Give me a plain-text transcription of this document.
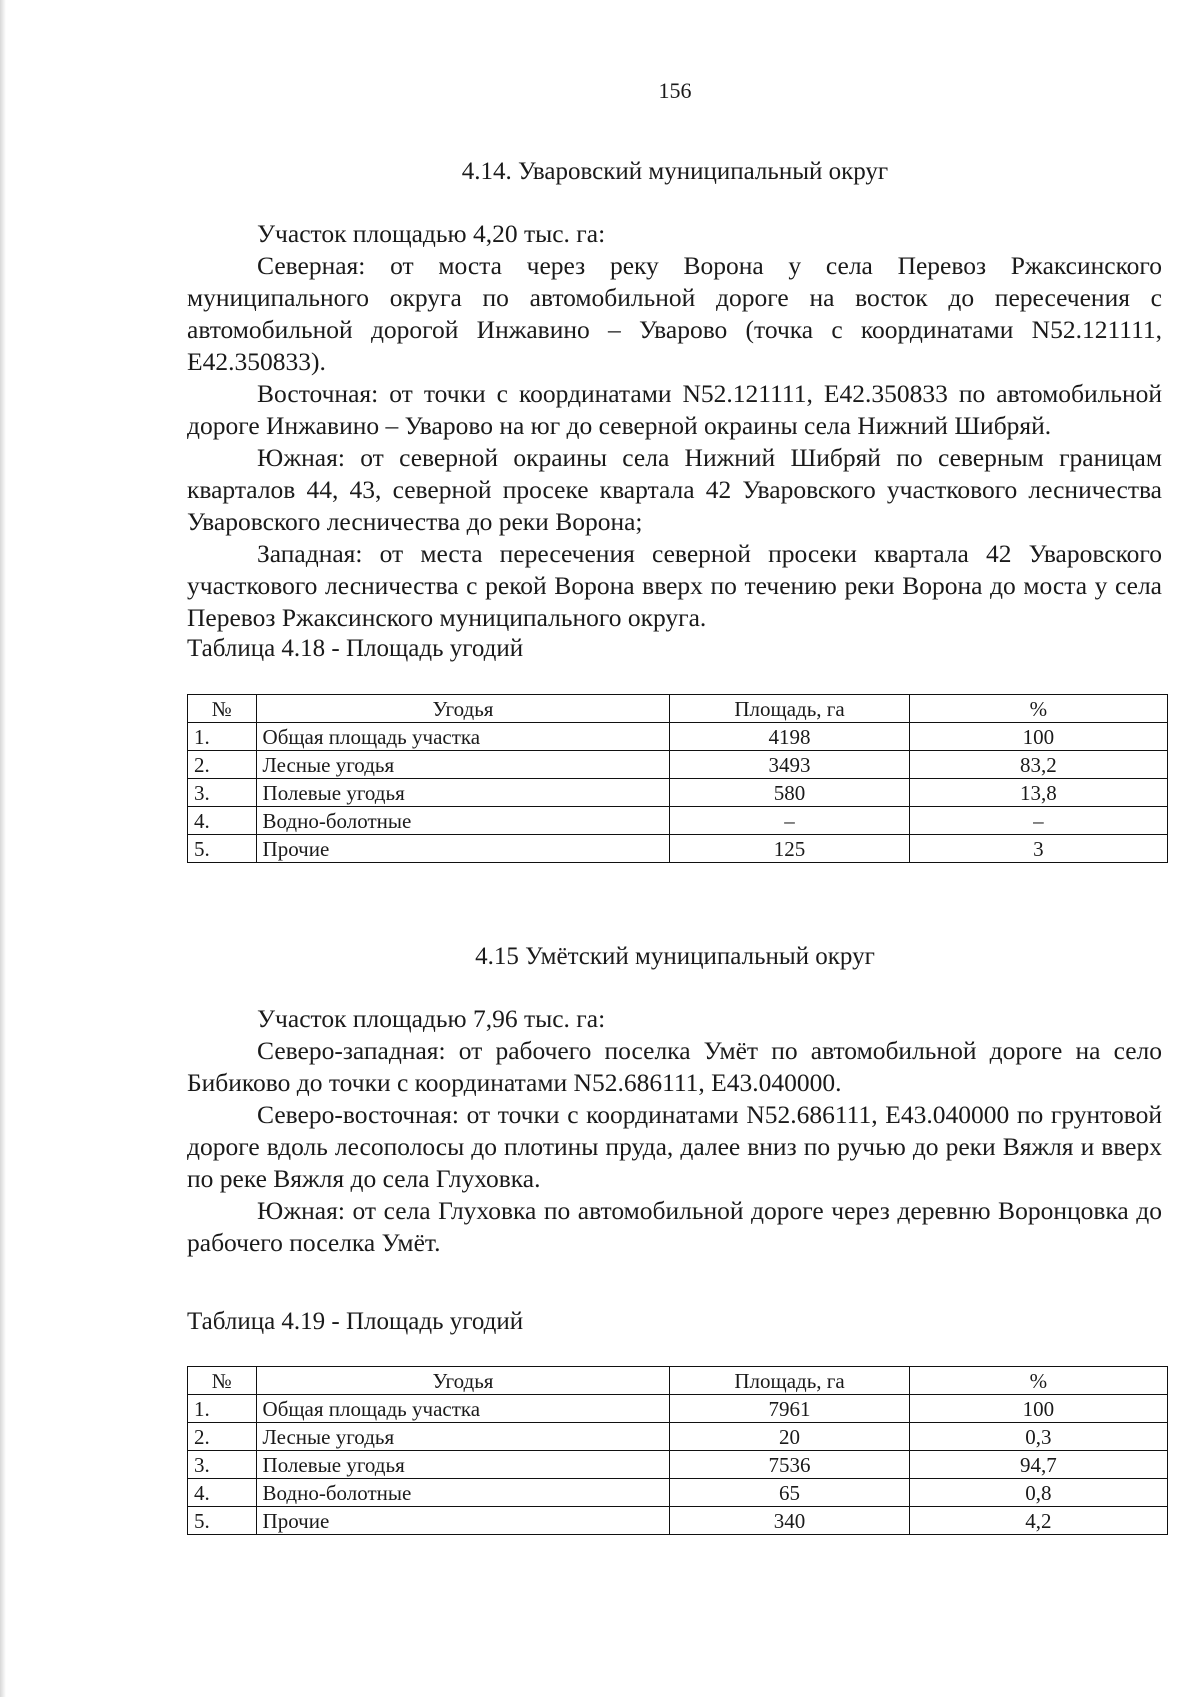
156
4.14. Уваровский муниципальный округ

Участок площадью 4,20 тыс. га:

Северная: от моста через реку Ворона у села Перевоз Ржаксинского муниципального округа по автомобильной дороге на восток до пересечения с автомобильной дорогой Инжавино – Уварово (точка с координатами N52.121111, E42.350833).

Восточная: от точки с координатами N52.121111, E42.350833 по автомобильной дороге Инжавино – Уварово на юг до северной окраины села Нижний Шибряй.

Южная: от северной окраины села Нижний Шибряй по северным границам кварталов 44, 43, северной просеке квартала 42 Уваровского участкового лесничества Уваровского лесничества до реки Ворона;

Западная: от места пересечения северной просеки квартала 42 Уваровского участкового лесничества с рекой Ворона вверх по течению реки Ворона до моста у села Перевоз Ржаксинского муниципального округа.

Таблица 4.18 - Площадь угодий
№	Угодья	Площадь, га	%
1.	Общая площадь участка	4198	100
2.	Лесные угодья	3493	83,2
3.	Полевые угодья	580	13,8
4.	Водно-болотные	–	–
5.	Прочие	125	3
4.15 Умётский муниципальный округ

Участок площадью 7,96 тыс. га:

Северо-западная: от рабочего поселка Умёт по автомобильной дороге на село Бибиково до точки с координатами N52.686111, E43.040000.

Северо-восточная: от точки с координатами N52.686111, E43.040000 по грунтовой дороге вдоль лесополосы до плотины пруда, далее вниз по ручью до реки Вяжля и вверх по реке Вяжля до села Глуховка.

Южная: от села Глуховка по автомобильной дороге через деревню Воронцовка до рабочего поселка Умёт.

Таблица 4.19 - Площадь угодий
№	Угодья	Площадь, га	%
1.	Общая площадь участка	7961	100
2.	Лесные угодья	20	0,3
3.	Полевые угодья	7536	94,7
4.	Водно-болотные	65	0,8
5.	Прочие	340	4,2
